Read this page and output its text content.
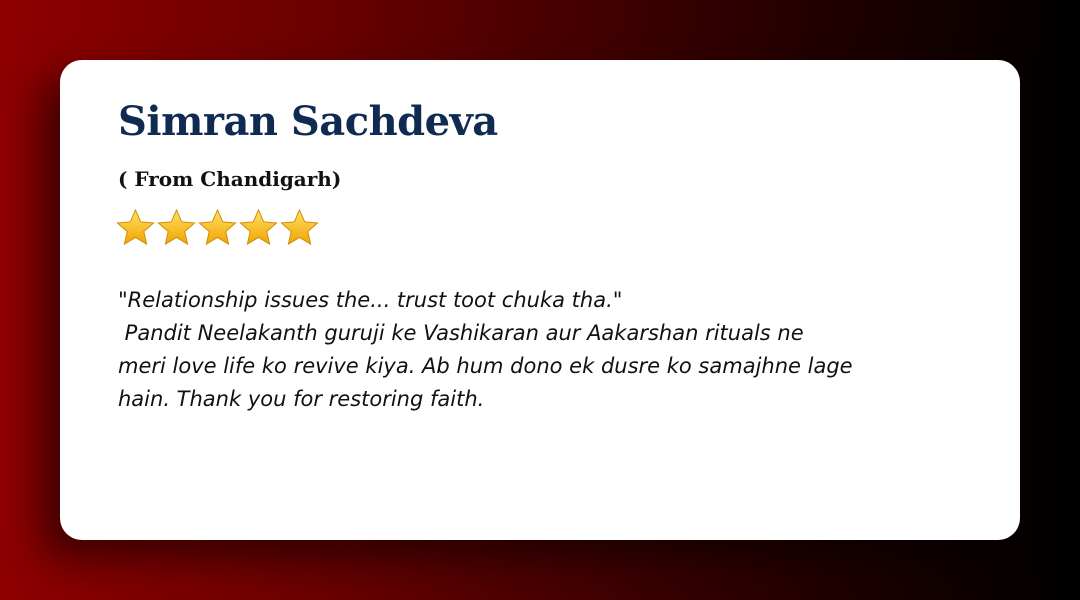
Simran Sachdeva

( From Chandigarh)

"Relationship issues the... trust toot chuka tha."
Pandit Neelakanth guruji ke Vashikaran aur Aakarshan rituals ne
meri love life ko revive kiya. Ab hum dono ek dusre ko samajhne lage
hain. Thank you for restoring faith.
